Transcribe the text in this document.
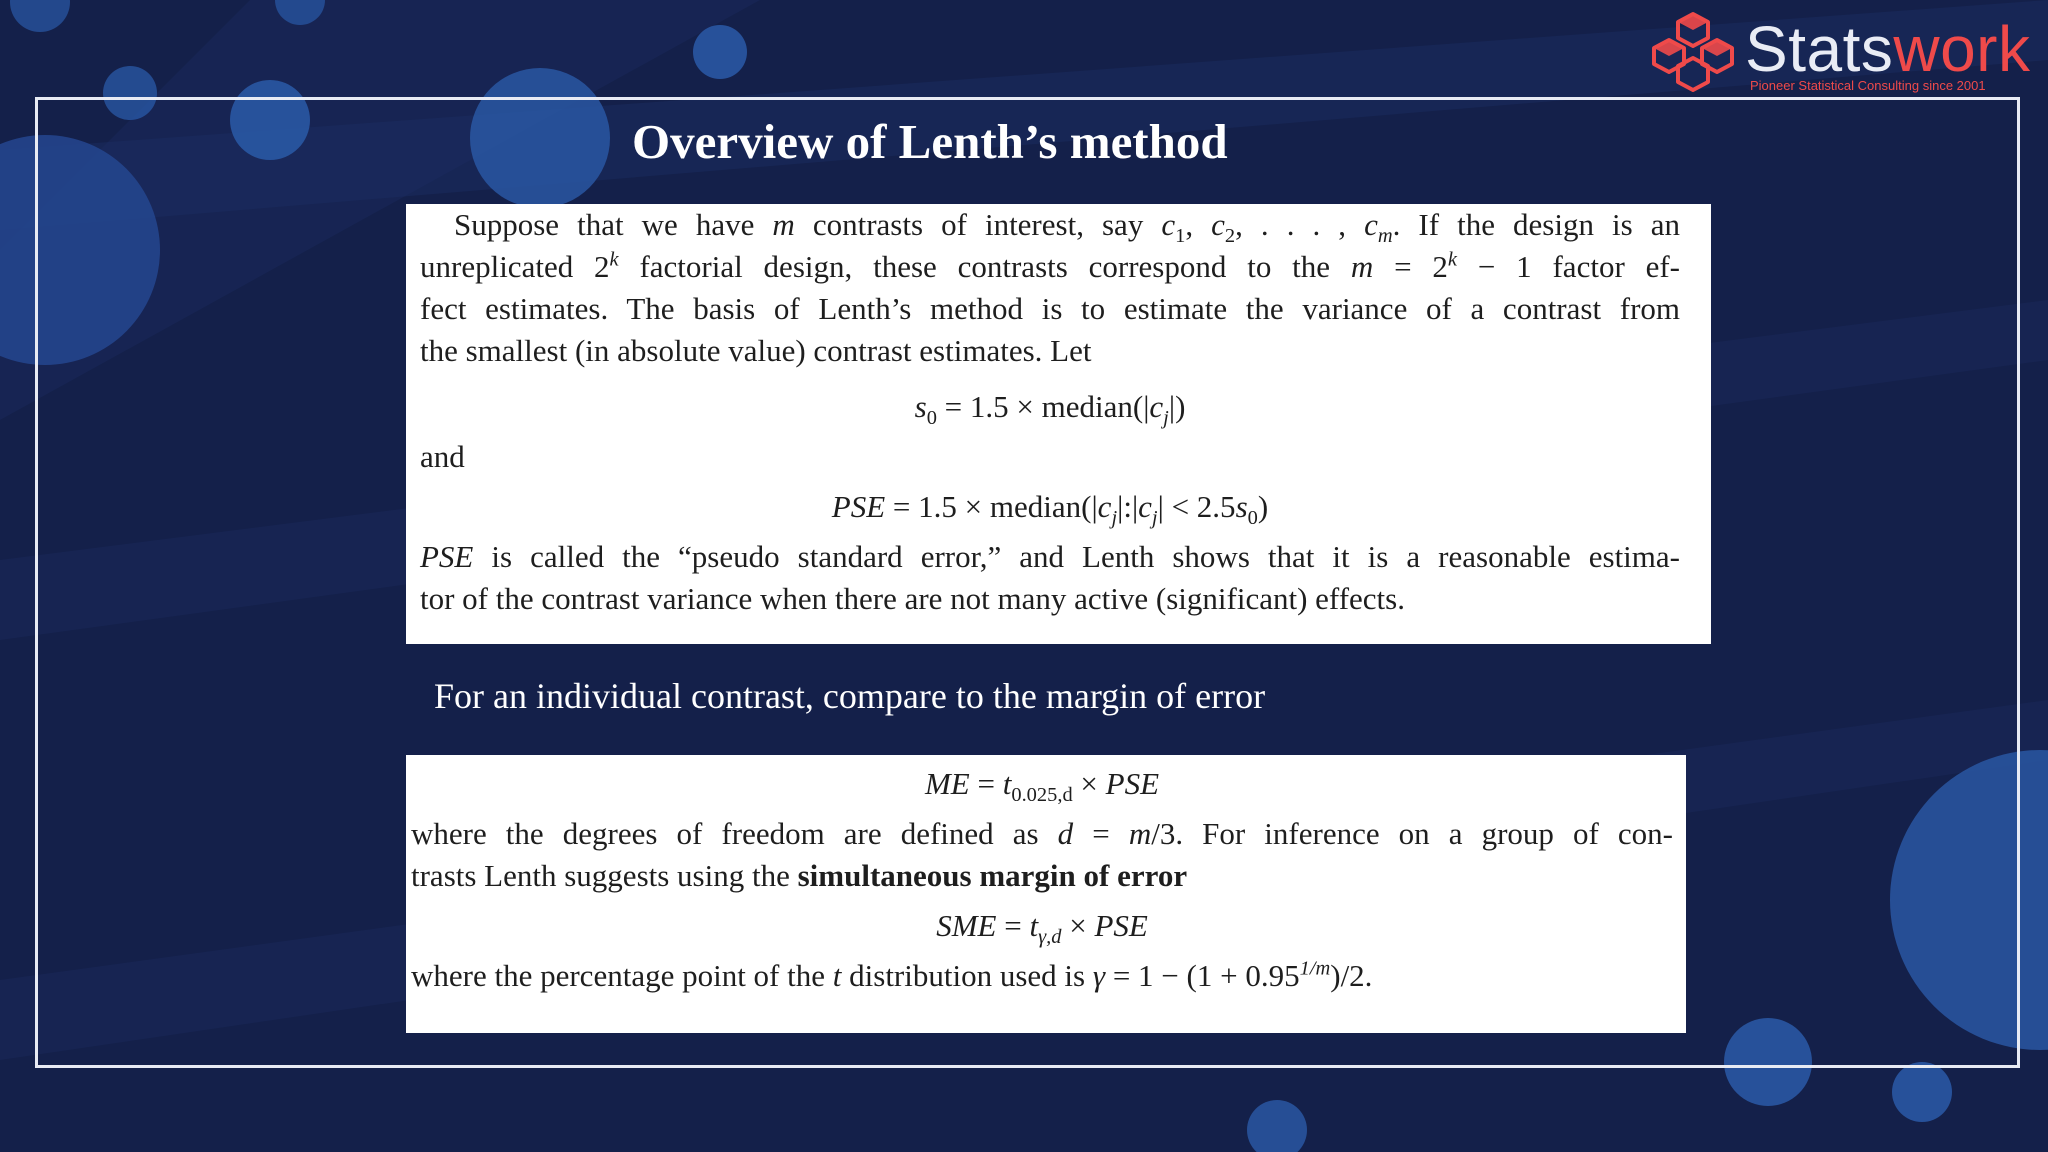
Statswork
Pioneer Statistical Consulting since 2001
Overview of Lenth’s method
Suppose that we have m contrasts of interest, say $c_1$, $c_2$, . . . , $c_m$. If the design is an
unreplicated 2$^k$ factorial design, these contrasts correspond to the $m = 2^k - 1$ factor ef-
fect estimates. The basis of Lenth’s method is to estimate the variance of a contrast from
the smallest (in absolute value) contrast estimates. Let
$s_0 = 1.5$ × $median(|c_j|)$
and
PSE = $1.5 \times median(|c_j|:|c_j| < 2.5s_0)$
PSE is called the “pseudo standard error,” and Lenth shows that it is a reasonable estima-
tor of the contrast variance when there are not many active (significant) effects.
For an individual contrast, compare to the margin of error
ME = $t_{0.025,d}$ × PSE
where the degrees of freedom are defined as d = m/3. For inference on a group of con-
trasts Lenth suggests using the simultaneous margin of error
SME = $t_{\gamma,d}$ × PSE
where the percentage point of the t distribution used is $\gamma = 1 - (1 + 0.95^{1/m})/2$.
